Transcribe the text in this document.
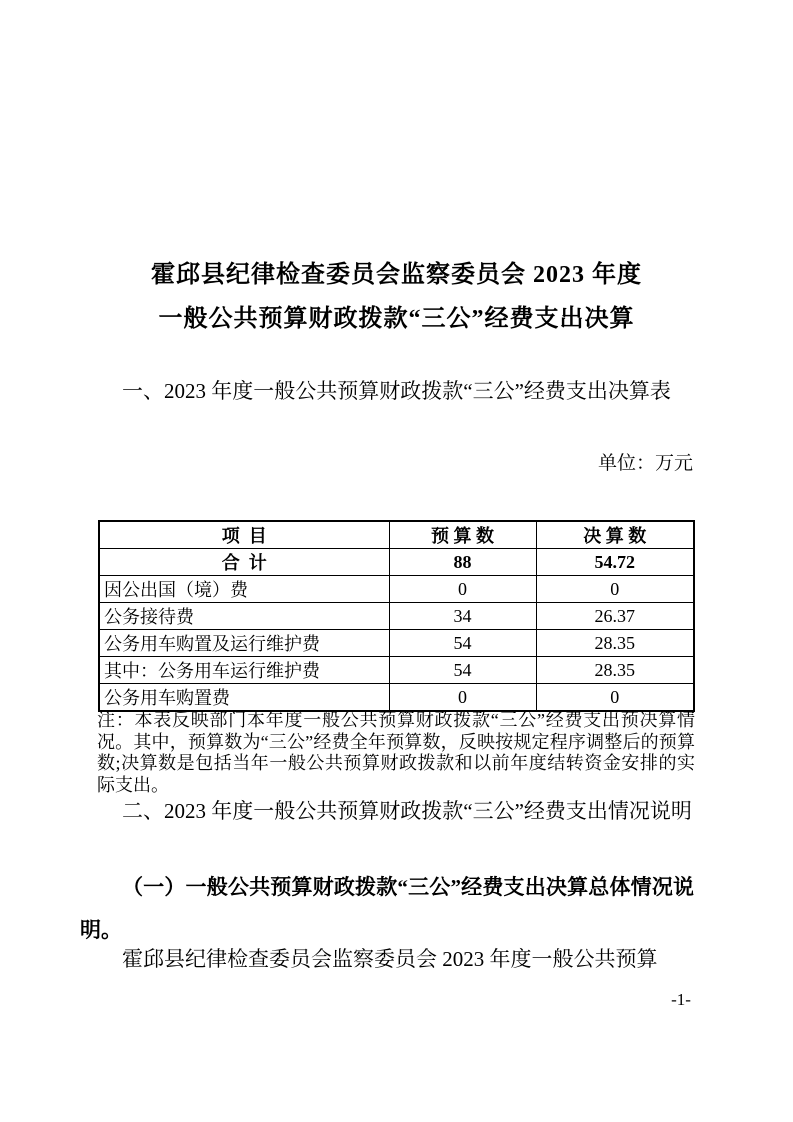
霍邱县纪律检查委员会监察委员会 2023 年度
一般公共预算财政拨款“三公”经费支出决算

一、2023 年度一般公共预算财政拨款“三公”经费支出决算表

单位：万元
项  目	预 算 数	决 算 数
合  计	88	54.72
因公出国（境）费	0	0
公务接待费	34	26.37
公务用车购置及运行维护费	54	28.35
其中：公务用车运行维护费	54	28.35
公务用车购置费	0	0

注：本表反映部门本年度一般公共预算财政拨款“三公”经费支出预决算情况。其中，预算数为“三公”经费全年预算数，反映按规定程序调整后的预算数;决算数是包括当年一般公共预算财政拨款和以前年度结转资金安排的实际支出。

二、2023 年度一般公共预算财政拨款“三公”经费支出情况说明

（一）一般公共预算财政拨款“三公”经费支出决算总体情况说明。

霍邱县纪律检查委员会监察委员会 2023 年度一般公共预算

-1-
